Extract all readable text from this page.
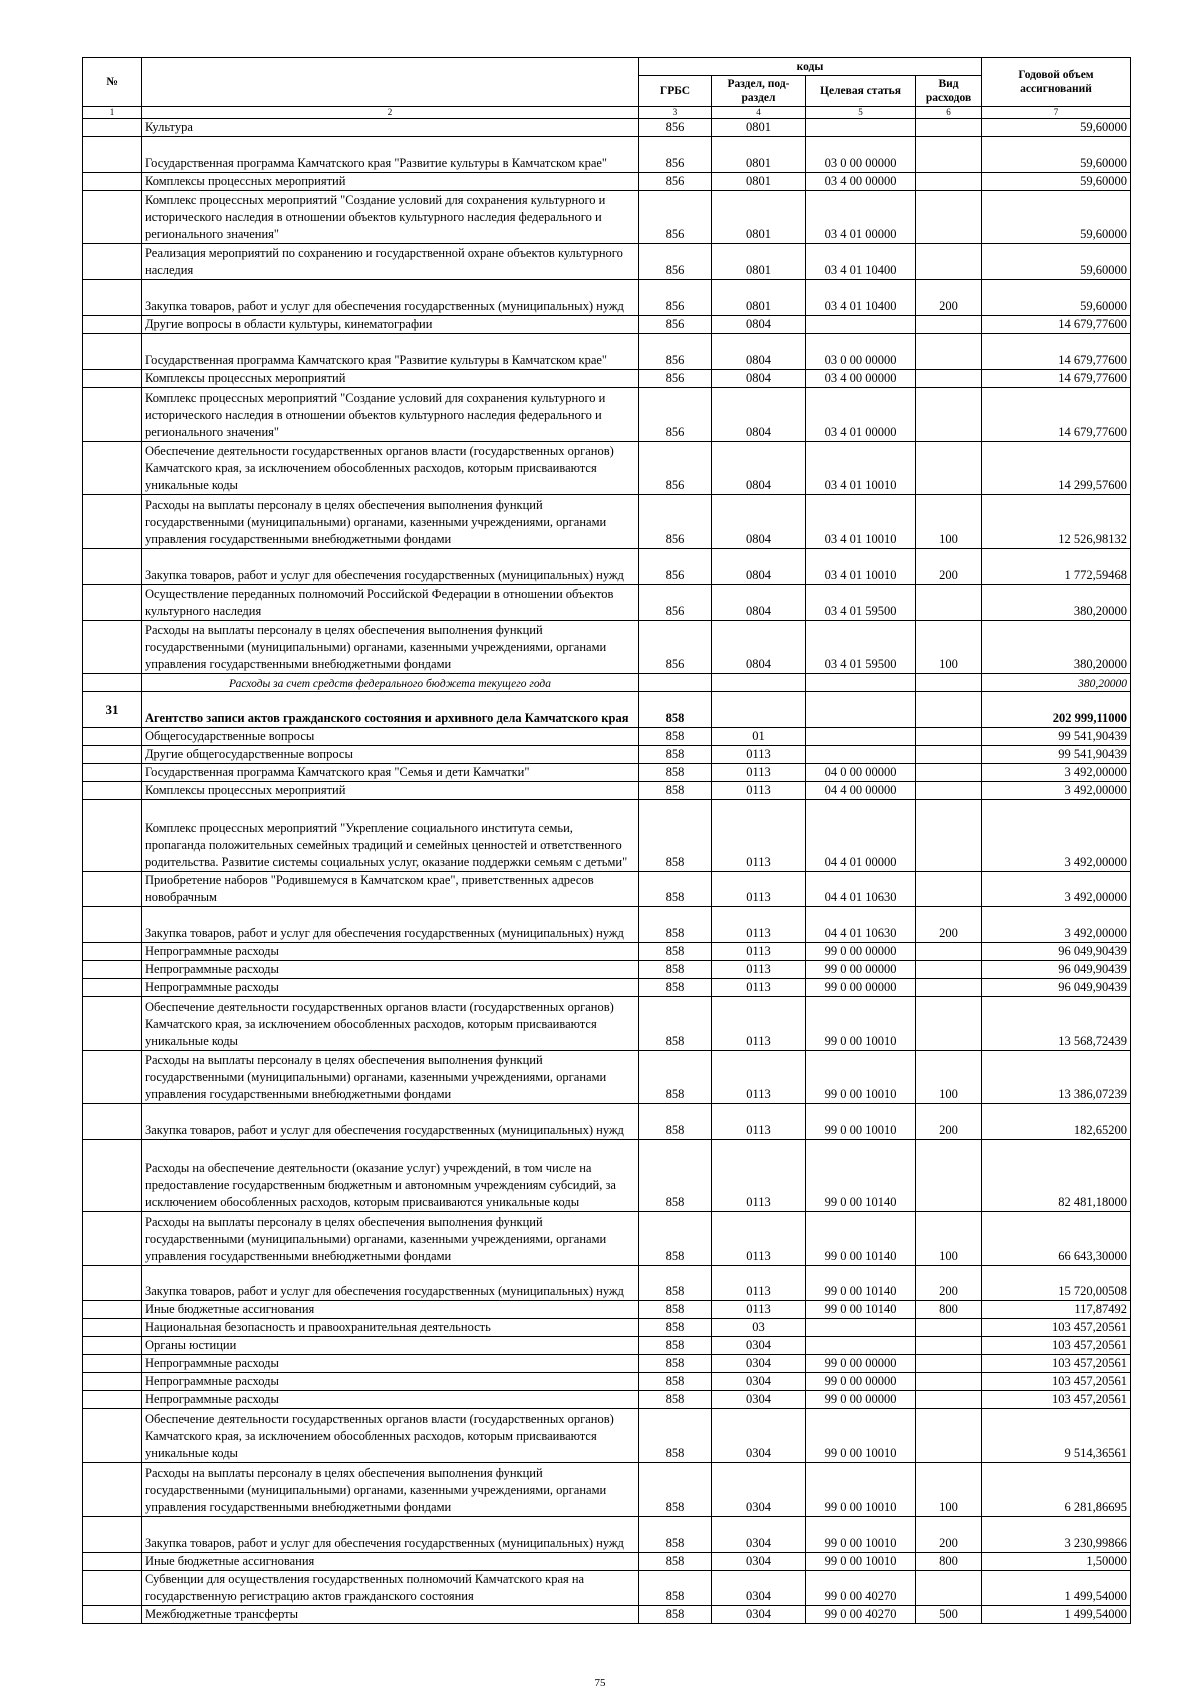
№		коды				Годовой объем ассигнований
		ГРБС	Раздел, под-раздел	Целевая статья	Вид расходов	
1	2	3	4	5	6	7
	Культура	856	0801			59,60000
	Государственная программа Камчатского края "Развитие культуры в Камчатском крае"	856	0801	03 0 00 00000		59,60000
	Комплексы процессных мероприятий	856	0801	03 4 00 00000		59,60000
	Комплекс процессных мероприятий "Создание условий для сохранения культурного и исторического наследия в отношении объектов культурного наследия федерального и регионального значения"	856	0801	03 4 01 00000		59,60000
	Реализация мероприятий по сохранению и государственной охране объектов культурного наследия	856	0801	03 4 01 10400		59,60000
	Закупка товаров, работ и услуг для обеспечения государственных (муниципальных) нужд	856	0801	03 4 01 10400	200	59,60000
	Другие вопросы в области культуры, кинематографии	856	0804			14 679,77600
	Государственная программа Камчатского края "Развитие культуры в Камчатском крае"	856	0804	03 0 00 00000		14 679,77600
	Комплексы процессных мероприятий	856	0804	03 4 00 00000		14 679,77600
	Комплекс процессных мероприятий "Создание условий для сохранения культурного и исторического наследия в отношении объектов культурного наследия федерального и регионального значения"	856	0804	03 4 01 00000		14 679,77600
	Обеспечение деятельности государственных органов власти (государственных органов) Камчатского края, за исключением обособленных расходов, которым присваиваются уникальные коды	856	0804	03 4 01 10010		14 299,57600
	Расходы на выплаты персоналу в целях обеспечения выполнения функций государственными (муниципальными) органами, казенными учреждениями, органами управления государственными внебюджетными фондами	856	0804	03 4 01 10010	100	12 526,98132
	Закупка товаров, работ и услуг для обеспечения государственных (муниципальных) нужд	856	0804	03 4 01 10010	200	1 772,59468
	Осуществление переданных полномочий Российской Федерации в отношении объектов культурного наследия	856	0804	03 4 01 59500		380,20000
	Расходы на выплаты персоналу в целях обеспечения выполнения функций государственными (муниципальными) органами, казенными учреждениями, органами управления государственными внебюджетными фондами	856	0804	03 4 01 59500	100	380,20000
	Расходы за счет средств федерального бюджета текущего года					380,20000
31	Агентство записи актов гражданского состояния и архивного дела Камчатского края	858				202 999,11000
	Общегосударственные вопросы	858	01			99 541,90439
	Другие общегосударственные вопросы	858	0113			99 541,90439
	Государственная программа Камчатского края "Семья и дети Камчатки"	858	0113	04 0 00 00000		3 492,00000
	Комплексы процессных мероприятий	858	0113	04 4 00 00000		3 492,00000
	Комплекс процессных мероприятий "Укрепление социального института семьи, пропаганда положительных семейных традиций и семейных ценностей и ответственного родительства. Развитие системы социальных услуг, оказание поддержки семьям с детьми"	858	0113	04 4 01 00000		3 492,00000
	Приобретение наборов "Родившемуся в Камчатском крае", приветственных адресов новобрачным	858	0113	04 4 01 10630		3 492,00000
	Закупка товаров, работ и услуг для обеспечения государственных (муниципальных) нужд	858	0113	04 4 01 10630	200	3 492,00000
	Непрограммные расходы	858	0113	99 0 00 00000		96 049,90439
	Непрограммные расходы	858	0113	99 0 00 00000		96 049,90439
	Непрограммные расходы	858	0113	99 0 00 00000		96 049,90439
	Обеспечение деятельности государственных органов власти (государственных органов) Камчатского края, за исключением обособленных расходов, которым присваиваются уникальные коды	858	0113	99 0 00 10010		13 568,72439
	Расходы на выплаты персоналу в целях обеспечения выполнения функций государственными (муниципальными) органами, казенными учреждениями, органами управления государственными внебюджетными фондами	858	0113	99 0 00 10010	100	13 386,07239
	Закупка товаров, работ и услуг для обеспечения государственных (муниципальных) нужд	858	0113	99 0 00 10010	200	182,65200
	Расходы на обеспечение деятельности (оказание услуг) учреждений, в том числе на предоставление государственным бюджетным и автономным учреждениям субсидий, за исключением обособленных расходов, которым присваиваются уникальные коды	858	0113	99 0 00 10140		82 481,18000
	Расходы на выплаты персоналу в целях обеспечения выполнения функций государственными (муниципальными) органами, казенными учреждениями, органами управления государственными внебюджетными фондами	858	0113	99 0 00 10140	100	66 643,30000
	Закупка товаров, работ и услуг для обеспечения государственных (муниципальных) нужд	858	0113	99 0 00 10140	200	15 720,00508
	Иные бюджетные ассигнования	858	0113	99 0 00 10140	800	117,87492
	Национальная безопасность и правоохранительная деятельность	858	03			103 457,20561
	Органы юстиции	858	0304			103 457,20561
	Непрограммные расходы	858	0304	99 0 00 00000		103 457,20561
	Непрограммные расходы	858	0304	99 0 00 00000		103 457,20561
	Непрограммные расходы	858	0304	99 0 00 00000		103 457,20561
	Обеспечение деятельности государственных органов власти (государственных органов) Камчатского края, за исключением обособленных расходов, которым присваиваются уникальные коды	858	0304	99 0 00 10010		9 514,36561
	Расходы на выплаты персоналу в целях обеспечения выполнения функций государственными (муниципальными) органами, казенными учреждениями, органами управления государственными внебюджетными фондами	858	0304	99 0 00 10010	100	6 281,86695
	Закупка товаров, работ и услуг для обеспечения государственных (муниципальных) нужд	858	0304	99 0 00 10010	200	3 230,99866
	Иные бюджетные ассигнования	858	0304	99 0 00 10010	800	1,50000
	Субвенции для осуществления государственных полномочий Камчатского края на государственную регистрацию актов гражданского состояния	858	0304	99 0 00 40270		1 499,54000
	Межбюджетные трансферты	858	0304	99 0 00 40270	500	1 499,54000
75
